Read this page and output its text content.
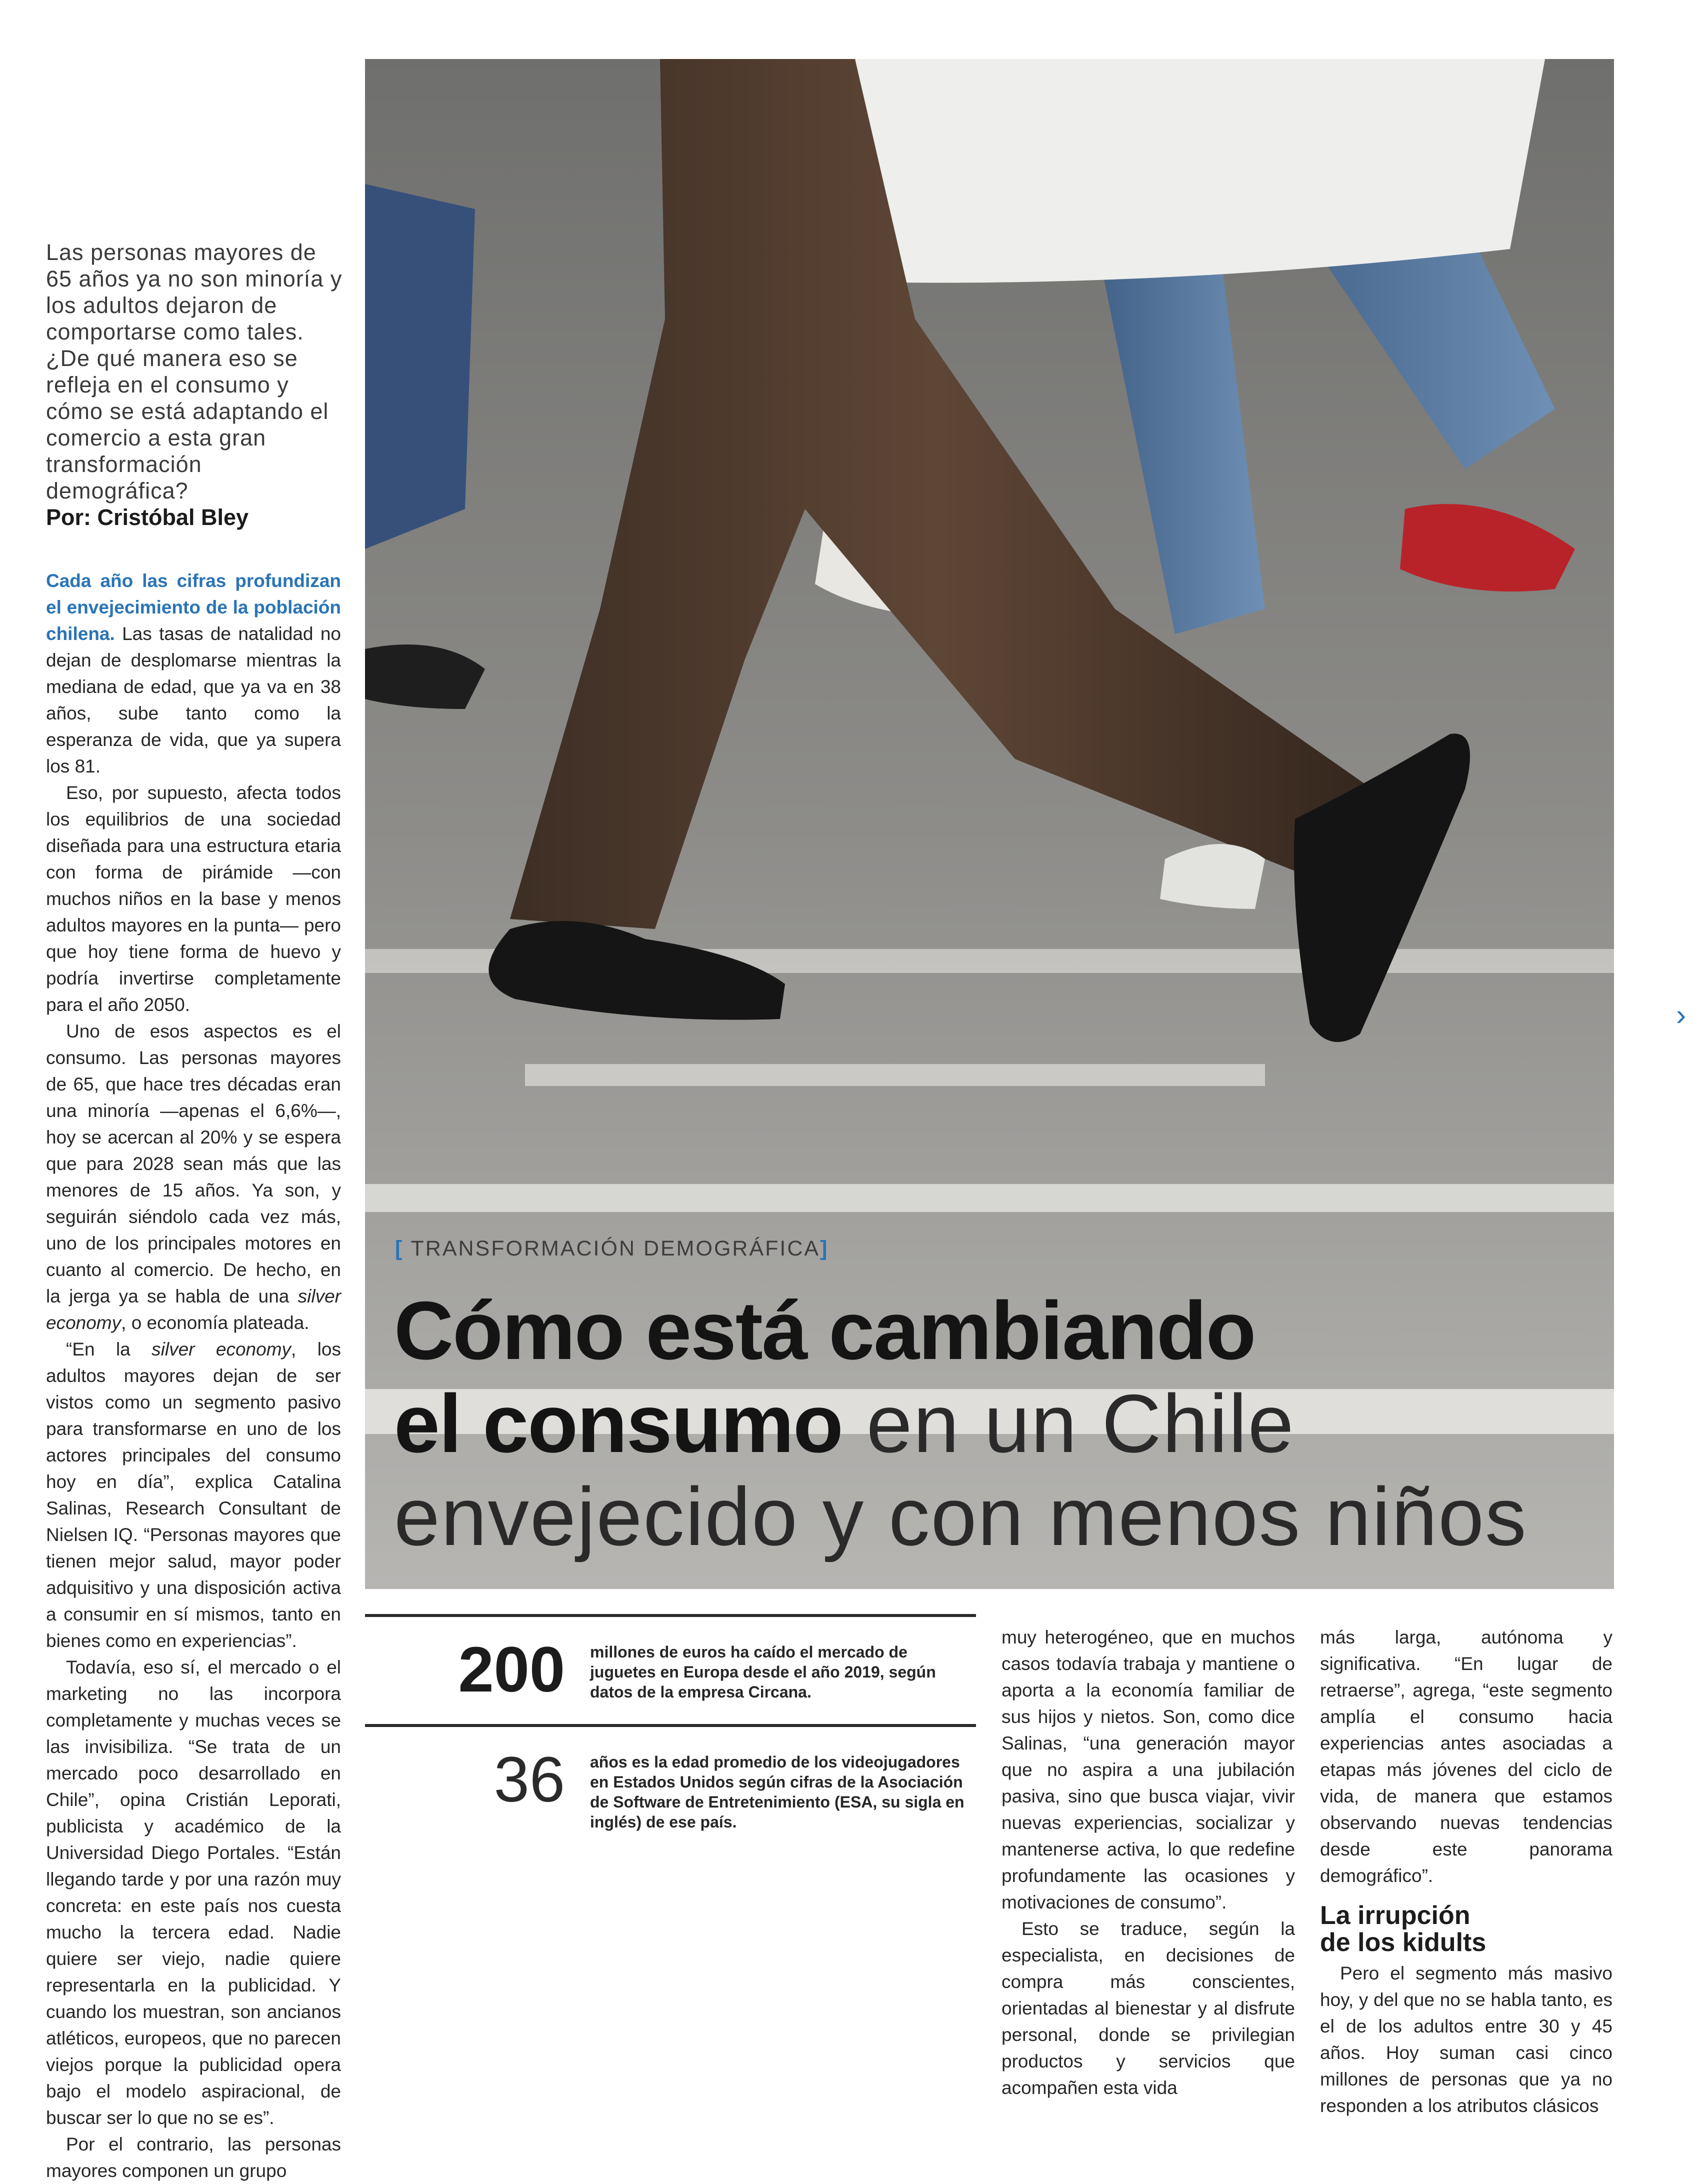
Las personas mayores de 65 años ya no son minoría y los adultos dejaron de comportarse como tales. ¿De qué manera eso se refleja en el consumo y cómo se está adaptando el comercio a esta gran transformación demográfica?
Por: Cristóbal Bley

Cada año las cifras profundizan el envejecimiento de la población chilena. Las tasas de natalidad no dejan de desplomarse mientras la mediana de edad, que ya va en 38 años, sube tanto como la esperanza de vida, que ya supera los 81.

Eso, por supuesto, afecta todos los equilibrios de una sociedad diseñada para una estructura etaria con forma de pirámide —con muchos niños en la base y menos adultos mayores en la punta— pero que hoy tiene forma de huevo y podría invertirse completamente para el año 2050.

Uno de esos aspectos es el consumo. Las personas mayores de 65, que hace tres décadas eran una minoría —apenas el 6,6%—, hoy se acercan al 20% y se espera que para 2028 sean más que las menores de 15 años. Ya son, y seguirán siéndolo cada vez más, uno de los principales motores en cuanto al comercio. De hecho, en la jerga ya se habla de una silver economy, o economía plateada.

“En la silver economy, los adultos mayores dejan de ser vistos como un segmento pasivo para transformarse en uno de los actores principales del consumo hoy en día”, explica Catalina Salinas, Research Consultant de Nielsen IQ. “Personas mayores que tienen mejor salud, mayor poder adquisitivo y una disposición activa a consumir en sí mismos, tanto en bienes como en experiencias”.

Todavía, eso sí, el mercado o el marketing no las incorpora completamente y muchas veces se las invisibiliza. “Se trata de un mercado poco desarrollado en Chile”, opina Cristián Leporati, publicista y académico de la Universidad Diego Portales. “Están llegando tarde y por una razón muy concreta: en este país nos cuesta mucho la tercera edad. Nadie quiere ser viejo, nadie quiere representarla en la publicidad. Y cuando los muestran, son ancianos atléticos, europeos, que no parecen viejos porque la publicidad opera bajo el modelo aspiracional, de buscar ser lo que no se es”.

Por el contrario, las personas mayores componen un grupo

[ TRANSFORMACIÓN DEMOGRÁFICA]
Cómo está cambiando
el consumo en un Chile
envejecido y con menos niños
›
200 millones de euros ha caído el mercado de juguetes en Europa desde el año 2019, según datos de la empresa Circana.
36 años es la edad promedio de los videojugadores en Estados Unidos según cifras de la Asociación de Software de Entretenimiento (ESA, su sigla en inglés) de ese país.

muy heterogéneo, que en muchos casos todavía trabaja y mantiene o aporta a la economía familiar de sus hijos y nietos. Son, como dice Salinas, “una generación mayor que no aspira a una jubilación pasiva, sino que busca viajar, vivir nuevas experiencias, socializar y mantenerse activa, lo que redefine profundamente las ocasiones y motivaciones de consumo”.

Esto se traduce, según la especialista, en decisiones de compra más conscientes, orientadas al bienestar y al disfrute personal, donde se privilegian productos y servicios que acompañen esta vida

más larga, autónoma y significativa. “En lugar de retraerse”, agrega, “este segmento amplía el consumo hacia experiencias antes asociadas a etapas más jóvenes del ciclo de vida, de manera que estamos observando nuevas tendencias desde este panorama demográfico”.

La irrupción
de los kidults

Pero el segmento más masivo hoy, y del que no se habla tanto, es el de los adultos entre 30 y 45 años. Hoy suman casi cinco millones de personas que ya no responden a los atributos clásicos
